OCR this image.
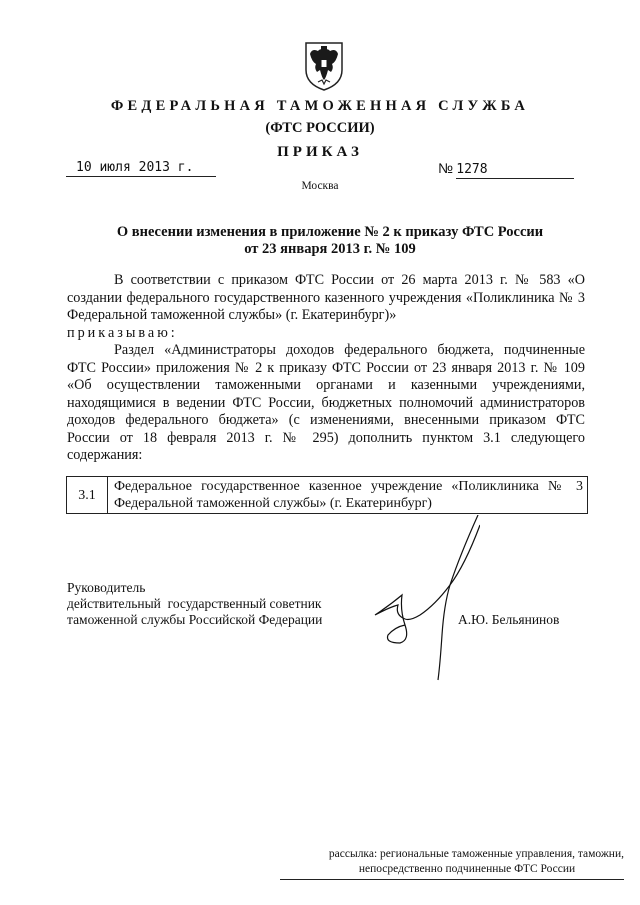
ФЕДЕРАЛЬНАЯ ТАМОЖЕННАЯ СЛУЖБА
(ФТС РОССИИ)
ПРИКАЗ
10 июля 2013 г.	№ 1278
Москва
О внесении изменения в приложение № 2 к приказу ФТС России
от 23 января 2013 г. № 109

В соответствии с приказом ФТС России от 26 марта 2013 г. № 583 «О создании федерального государственного казенного учреждения «Поликлиника № 3 Федеральной таможенной службы» (г. Екатеринбург)»

приказываю:

Раздел «Администраторы доходов федерального бюджета, подчиненные ФТС России» приложения № 2 к приказу ФТС России от 23 января 2013 г. № 109 «Об осуществлении таможенными органами и казенными учреждениями, находящимися в ведении ФТС России, бюджетных полномочий администраторов доходов федерального бюджета» (с изменениями, внесенными приказом ФТС России от 18 февраля 2013 г. № 295) дополнить пунктом 3.1 следующего содержания:

3.1
Федеральное государственное казенное учреждение «Поликлиника № 3 Федеральной таможенной службы» (г. Екатеринбург)
Руководитель
действительный  государственный советник
таможенной службы Российской Федерации	А.Ю. Бельянинов
рассылка: региональные таможенные управления, таможни,
непосредственно подчиненные ФТС России
